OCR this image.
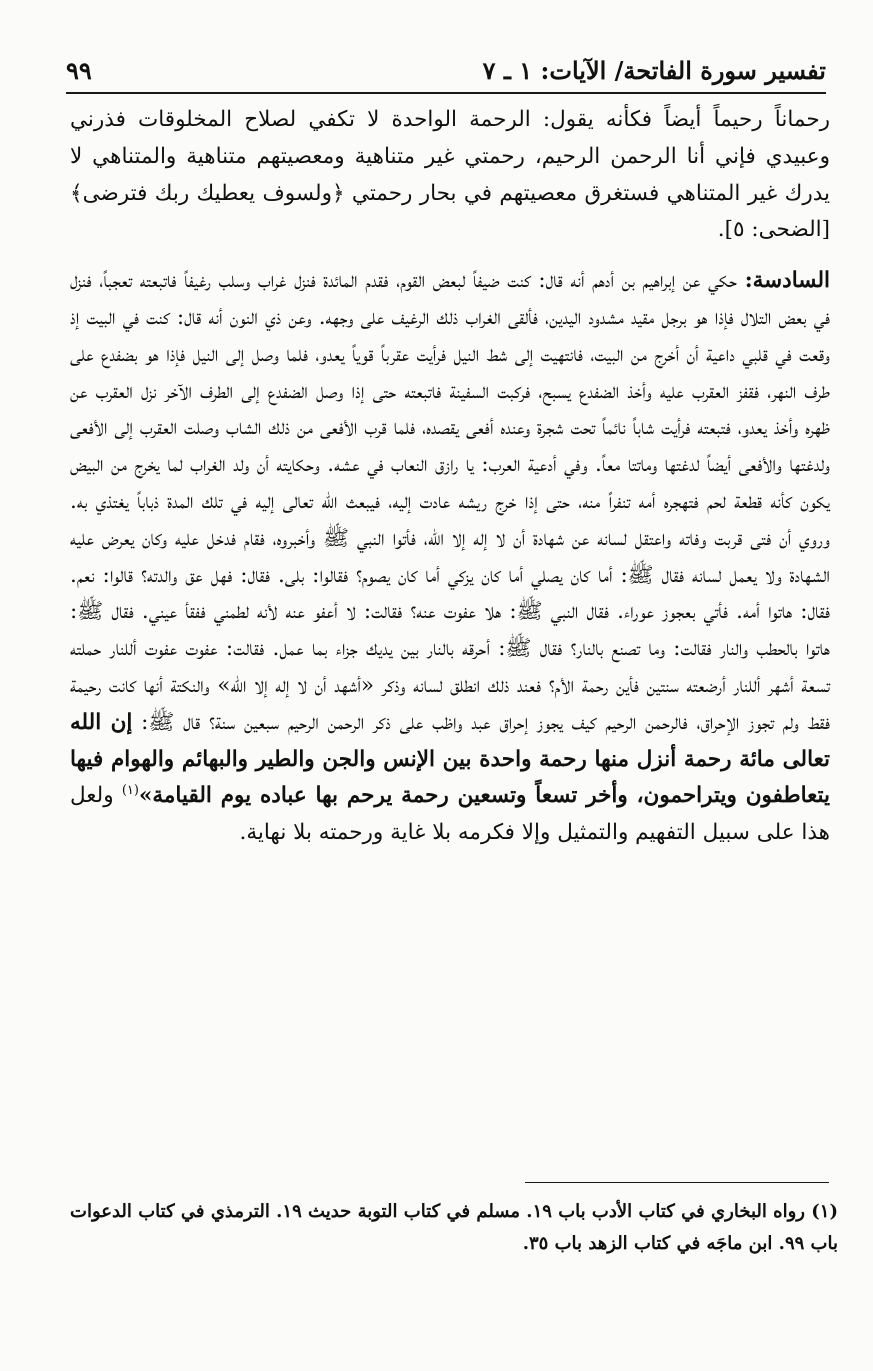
تفسير سورة الفاتحة/ الآيات: ١ ـ ٧
٩٩

رحماناً رحيماً أيضاً فكأنه يقول: الرحمة الواحدة لا تكفي لصلاح المخلوقات فذرني وعبيدي فإني أنا الرحمن الرحيم، رحمتي غير متناهية ومعصيتهم متناهية والمتناهي لا يدرك غير المتناهي فستغرق معصيتهم في بحار رحمتي ﴿ولسوف يعطيك ربك فترضى﴾ [الضحى: ٥].

السادسة: حكي عن إبراهيم بن أدهم أنه قال: كنت ضيفاً لبعض القوم، فقدم المائدة فنزل غراب وسلب رغيفاً فاتبعته تعجباً، فنزل في بعض التلال فإذا هو برجل مقيد مشدود اليدين، فألقى الغراب ذلك الرغيف على وجهه. وعن ذي النون أنه قال: كنت في البيت إذ وقعت في قلبي داعية أن أخرج من البيت، فانتهيت إلى شط النيل فرأيت عقرباً قوياً يعدو، فلما وصل إلى النيل فإذا هو بضفدع على طرف النهر، فقفز العقرب عليه وأخذ الضفدع يسبح، فركبت السفينة فاتبعته حتى إذا وصل الضفدع إلى الطرف الآخر نزل العقرب عن ظهره وأخذ يعدو، فتبعته فرأيت شاباً نائماً تحت شجرة وعنده أفعى يقصده، فلما قرب الأفعى من ذلك الشاب وصلت العقرب إلى الأفعى ولدغتها والأفعى أيضاً لدغتها وماتتا معاً. وفي أدعية العرب: يا رازق النعاب في عشه. وحكايته أن ولد الغراب لما يخرج من البيض يكون كأنه قطعة لحم فتهجره أمه تنفراً منه، حتى إذا خرج ريشه عادت إليه، فيبعث الله تعالى إليه في تلك المدة ذباباً يغتذي به. وروي أن فتى قربت وفاته واعتقل لسانه عن شهادة أن لا إله إلا الله، فأتوا النبي ﷺ وأخبروه، فقام فدخل عليه وكان يعرض عليه الشهادة ولا يعمل لسانه فقال ﷺ: أما كان يصلي أما كان يزكي أما كان يصوم؟ فقالوا: بلى. فقال: فهل عق والدته؟ قالوا: نعم. فقال: هاتوا أمه. فأتي بعجوز عوراء. فقال النبي ﷺ: هلا عفوت عنه؟ فقالت: لا أعفو عنه لأنه لطمني ففقأ عيني. فقال ﷺ: هاتوا بالحطب والنار فقالت: وما تصنع بالنار؟ فقال ﷺ: أحرقه بالنار بين يديك جزاء بما عمل. فقالت: عفوت عفوت أللنار حملته تسعة أشهر أللنار أرضعته سنتين فأين رحمة الأم؟ فعند ذلك انطلق لسانه وذكر «أشهد أن لا إله إلا الله» والنكتة أنها كانت رحيمة فقط ولم تجوز الإحراق، فالرحمن الرحيم كيف يجوز إحراق عبد واظب على ذكر الرحمن الرحيم سبعين سنة؟ قال ﷺ: إن الله تعالى مائة رحمة أنزل منها رحمة واحدة بين الإنس والجن والطير والبهائم والهوام فيها يتعاطفون ويتراحمون، وأخر تسعاً وتسعين رحمة يرحم بها عباده يوم القيامة»$^{(١)}$ ولعل هذا على سبيل التفهيم والتمثيل وإلا فكرمه بلا غاية ورحمته بلا نهاية.

(١) رواه البخاري في كتاب الأدب باب ١٩. مسلم في كتاب التوبة حديث ١٩. الترمذي في كتاب الدعوات باب ٩٩. ابن ماجَه في كتاب الزهد باب ٣٥.
